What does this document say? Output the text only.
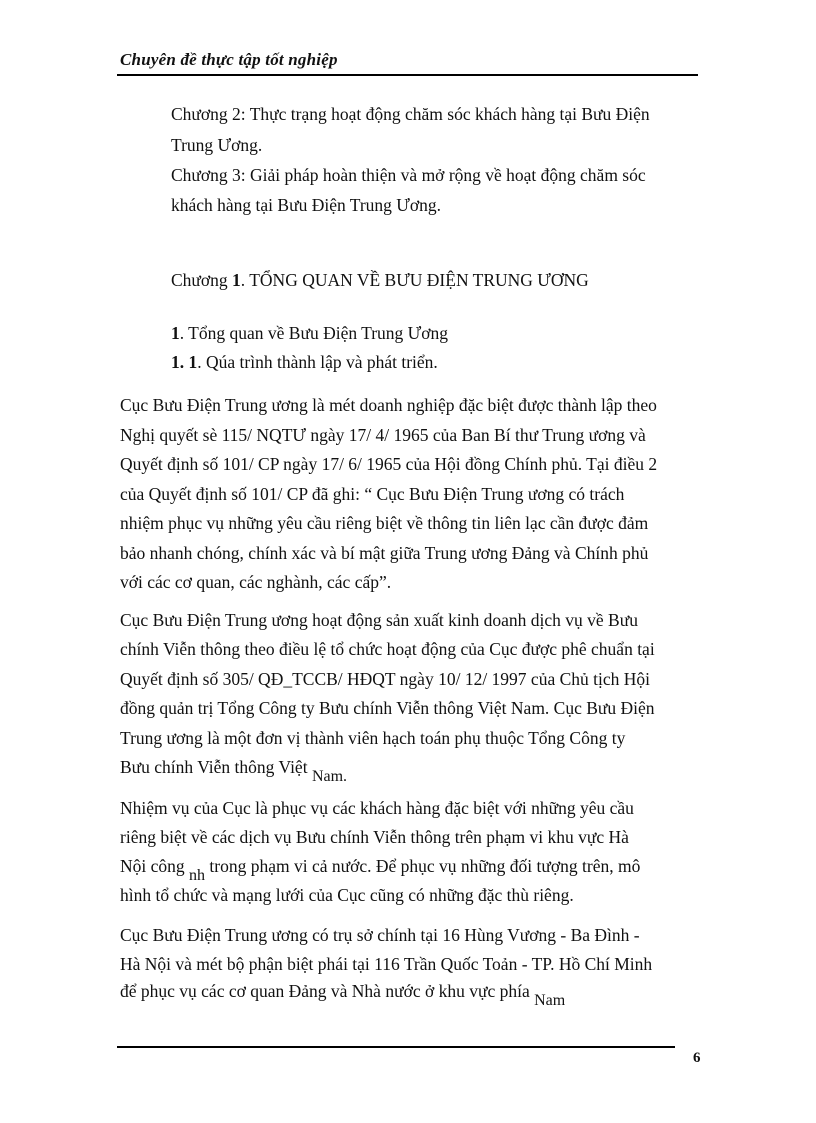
Chuyên đề thực tập tốt nghiệp
Chương 2: Thực trạng hoạt động chăm sóc khách hàng tại Bưu Điện
Trung Ương.
Chương 3: Giải pháp hoàn thiện và mở rộng về hoạt động chăm sóc
khách hàng tại Bưu Điện Trung Ương.
Chương 1. TỔNG QUAN VỀ BƯU ĐIỆN TRUNG ƯƠNG
1. Tổng quan về Bưu Điện Trung Ương
1. 1. Qúa trình thành lập và phát triển.
Cục Bưu Điện Trung ương là mét doanh nghiệp đặc biệt được thành lập theo
Nghị quyết sè 115/ NQTƯ ngày 17/ 4/ 1965 của Ban Bí thư Trung ương và
Quyết định số 101/ CP ngày 17/ 6/ 1965 của Hội đồng Chính phủ. Tại điều 2
của Quyết định số 101/ CP đã ghi: “ Cục Bưu Điện Trung ương có trách
nhiệm phục vụ những yêu cầu riêng biệt về thông tin liên lạc cần được đảm
bảo nhanh chóng, chính xác và bí mật giữa Trung ương Đảng và Chính phủ
với các cơ quan, các nghành, các cấp”.
Cục Bưu Điện Trung ương hoạt động sản xuất kinh doanh dịch vụ về Bưu
chính Viễn thông theo điều lệ tổ chức hoạt động của Cục được phê chuẩn tại
Quyết định số 305/ QĐ_TCCB/ HĐQT ngày 10/ 12/ 1997 của Chủ tịch Hội
đồng quản trị Tổng Công ty Bưu chính Viễn thông Việt Nam. Cục Bưu Điện
Trung ương là một đơn vị thành viên hạch toán phụ thuộc Tổng Công ty
Bưu chính Viễn thông Việt Nam.
Nhiệm vụ của Cục là phục vụ các khách hàng đặc biệt với những yêu cầu
riêng biệt về các dịch vụ Bưu chính Viễn thông trên phạm vi khu vực Hà
Nội công nh trong phạm vi cả nước. Để phục vụ những đối tượng trên, mô
hình tổ chức và mạng lưới của Cục cũng có những đặc thù riêng.
Cục Bưu Điện Trung ương có trụ sở chính tại 16 Hùng Vương - Ba Đình -
Hà Nội và mét bộ phận biệt phái tại 116 Trần Quốc Toản - TP. Hồ Chí Minh
để phục vụ các cơ quan Đảng và Nhà nước ở khu vực phía Nam
6
